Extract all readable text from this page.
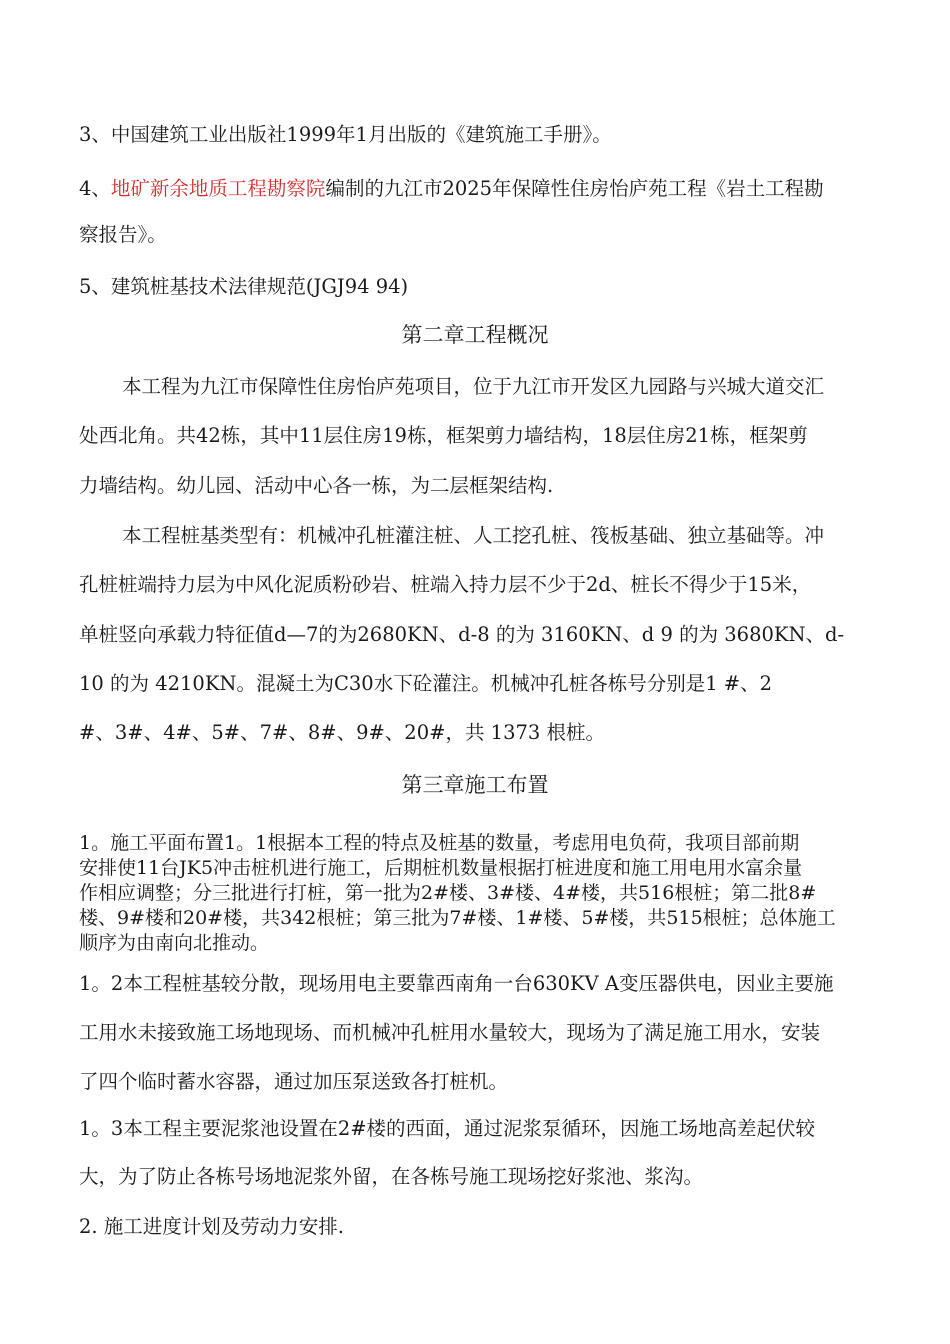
3、中国建筑工业出版社1999年1月出版的《建筑施工手册》。

4、地矿新余地质工程勘察院编制的九江市2025年保障性住房怡庐苑工程《岩土工程勘

察报告》。

5、建筑桩基技术法律规范(JGJ94 94)

第二章工程概况

本工程为九江市保障性住房怡庐苑项目，位于九江市开发区九园路与兴城大道交汇

处西北角。共42栋，其中11层住房19栋，框架剪力墙结构，18层住房21栋，框架剪

力墙结构。幼儿园、活动中心各一栋，为二层框架结构.

本工程桩基类型有：机械冲孔桩灌注桩、人工挖孔桩、筏板基础、独立基础等。冲

孔桩桩端持力层为中风化泥质粉砂岩、桩端入持力层不少于2d、桩长不得少于15米，

单桩竖向承载力特征值d—7的为2680KN、d-8 的为 3160KN、d 9 的为 3680KN、d-

10 的为 4210KN。混凝土为C30水下砼灌注。机械冲孔桩各栋号分别是1 #、2

#、3#、4#、5#、7#、8#、9#、20#，共 1373 根桩。

第三章施工布置

1。施工平面布置1。1根据本工程的特点及桩基的数量，考虑用电负荷，我项目部前期

安排使11台JK5冲击桩机进行施工，后期桩机数量根据打桩进度和施工用电用水富余量

作相应调整；分三批进行打桩，第一批为2#楼、3#楼、4#楼，共516根桩；第二批8#

楼、9#楼和20#楼，共342根桩；第三批为7#楼、1#楼、5#楼，共515根桩；总体施工

顺序为由南向北推动。

1。2本工程桩基较分散，现场用电主要靠西南角一台630KV A变压器供电，因业主要施

工用水未接致施工场地现场、而机械冲孔桩用水量较大，现场为了满足施工用水，安装

了四个临时蓄水容器，通过加压泵送致各打桩机。

1。3本工程主要泥浆池设置在2#楼的西面，通过泥浆泵循环，因施工场地高差起伏较

大，为了防止各栋号场地泥浆外留，在各栋号施工现场挖好浆池、浆沟。

2. 施工进度计划及劳动力安排.
